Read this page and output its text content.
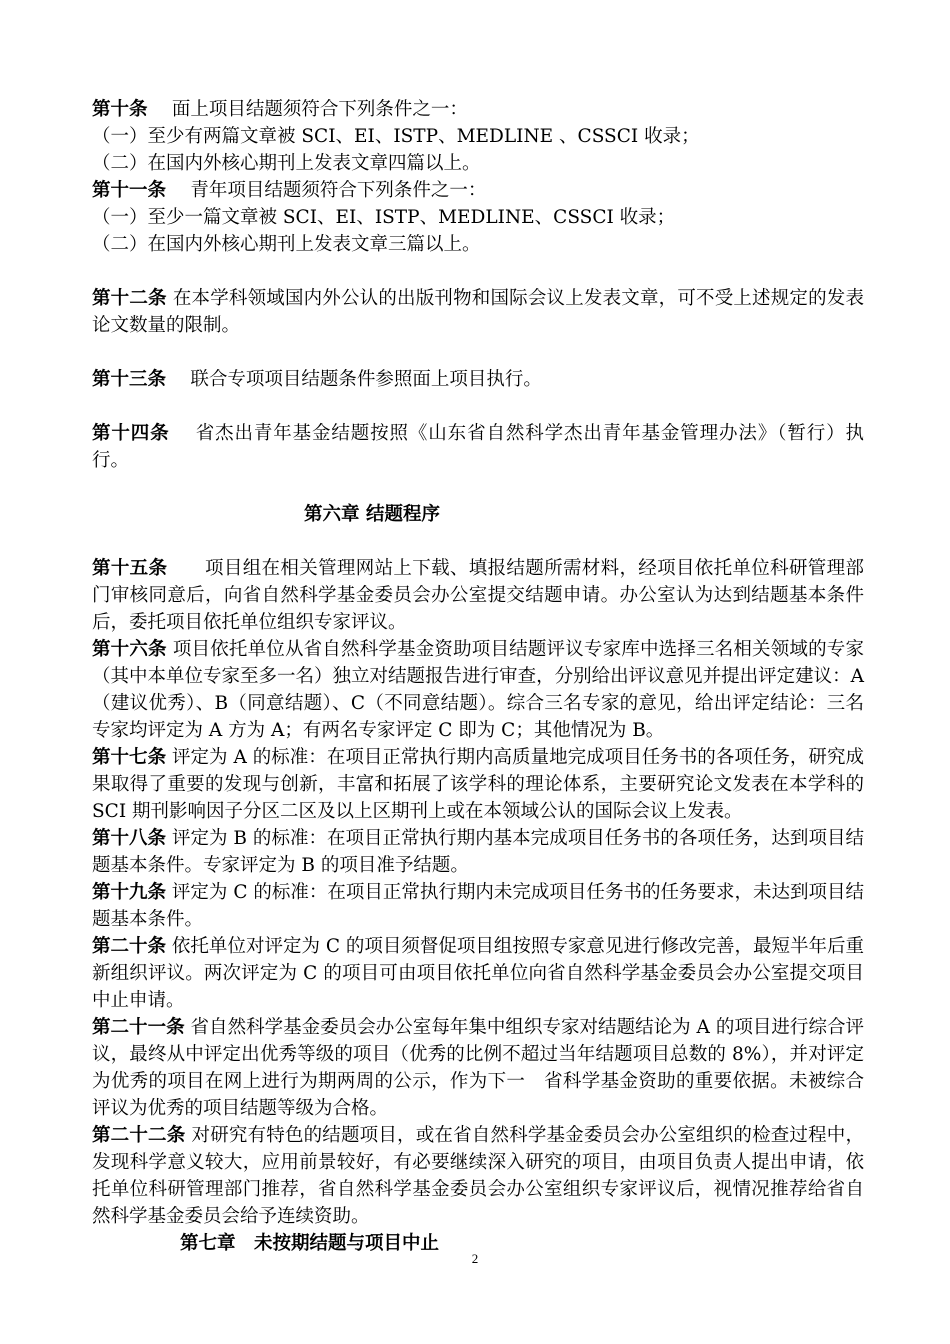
第十条　 面上项目结题须符合下列条件之一：

（一）至少有两篇文章被 SCI、EI、ISTP、MEDLINE 、CSSCI 收录；

（二）在国内外核心期刊上发表文章四篇以上。

第十一条　 青年项目结题须符合下列条件之一：

（一）至少一篇文章被 SCI、EI、ISTP、MEDLINE、CSSCI 收录；

（二）在国内外核心期刊上发表文章三篇以上。

第十二条 在本学科领域国内外公认的出版刊物和国际会议上发表文章，可不受上述规定的发表论文数量的限制。

第十三条　 联合专项项目结题条件参照面上项目执行。

第十四条　 省杰出青年基金结题按照《山东省自然科学杰出青年基金管理办法》（暂行）执行。

第六章 结题程序

第十五条　　 项目组在相关管理网站上下载、填报结题所需材料，经项目依托单位科研管理部门审核同意后，向省自然科学基金委员会办公室提交结题申请。办公室认为达到结题基本条件后，委托项目依托单位组织专家评议。

第十六条 项目依托单位从省自然科学基金资助项目结题评议专家库中选择三名相关领域的专家（其中本单位专家至多一名）独立对结题报告进行审查，分别给出评议意见并提出评定建议：A（建议优秀）、B（同意结题）、C（不同意结题）。综合三名专家的意见，给出评定结论：三名专家均评定为 A 方为 A；有两名专家评定 C 即为 C；其他情况为 B。

第十七条 评定为 A 的标准：在项目正常执行期内高质量地完成项目任务书的各项任务，研究成果取得了重要的发现与创新，丰富和拓展了该学科的理论体系，主要研究论文发表在本学科的 SCI 期刊影响因子分区二区及以上区期刊上或在本领域公认的国际会议上发表。

第十八条 评定为 B 的标准：在项目正常执行期内基本完成项目任务书的各项任务，达到项目结题基本条件。专家评定为 B 的项目准予结题。

第十九条 评定为 C 的标准：在项目正常执行期内未完成项目任务书的任务要求，未达到项目结题基本条件。

第二十条 依托单位对评定为 C 的项目须督促项目组按照专家意见进行修改完善，最短半年后重新组织评议。两次评定为 C 的项目可由项目依托单位向省自然科学基金委员会办公室提交项目中止申请。

第二十一条 省自然科学基金委员会办公室每年集中组织专家对结题结论为 A 的项目进行综合评议，最终从中评定出优秀等级的项目（优秀的比例不超过当年结题项目总数的 8%），并对评定为优秀的项目在网上进行为期两周的公示，作为下一　省科学基金资助的重要依据。未被综合评议为优秀的项目结题等级为合格。

第二十二条 对研究有特色的结题项目，或在省自然科学基金委员会办公室组织的检查过程中，发现科学意义较大，应用前景较好，有必要继续深入研究的项目，由项目负责人提出申请，依托单位科研管理部门推荐，省自然科学基金委员会办公室组织专家评议后，视情况推荐给省自然科学基金委员会给予连续资助。

第七章　未按期结题与项目中止

2
